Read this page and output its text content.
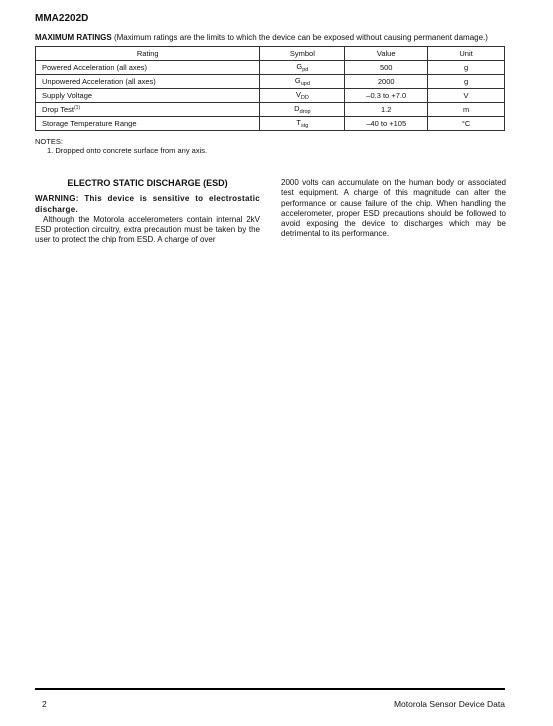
MMA2202D
MAXIMUM RATINGS (Maximum ratings are the limits to which the device can be exposed without causing permanent damage.)
Rating	Symbol	Value	Unit
Powered Acceleration (all axes)	$G_{pd}$	500	g
Unpowered Acceleration (all axes)	$G_{upd}$	2000	g
Supply Voltage	$V_{DD}$	–0.3 to +7.0	V
Drop Test$^{(1)}$	$D_{drop}$	1.2	m
Storage Temperature Range	$T_{stg}$	–40 to +105	°C
NOTES:
1. Dropped onto concrete surface from any axis.
ELECTRO STATIC DISCHARGE (ESD)

WARNING: This device is sensitive to electrostatic discharge.

Although the Motorola accelerometers contain internal 2kV ESD protection circuitry, extra precaution must be taken by the user to protect the chip from ESD. A charge of over

2000 volts can accumulate on the human body or associated test equipment. A charge of this magnitude can alter the performance or cause failure of the chip. When handling the accelerometer, proper ESD precautions should be followed to avoid exposing the device to discharges which may be detrimental to its performance.

2	Motorola Sensor Device Data
